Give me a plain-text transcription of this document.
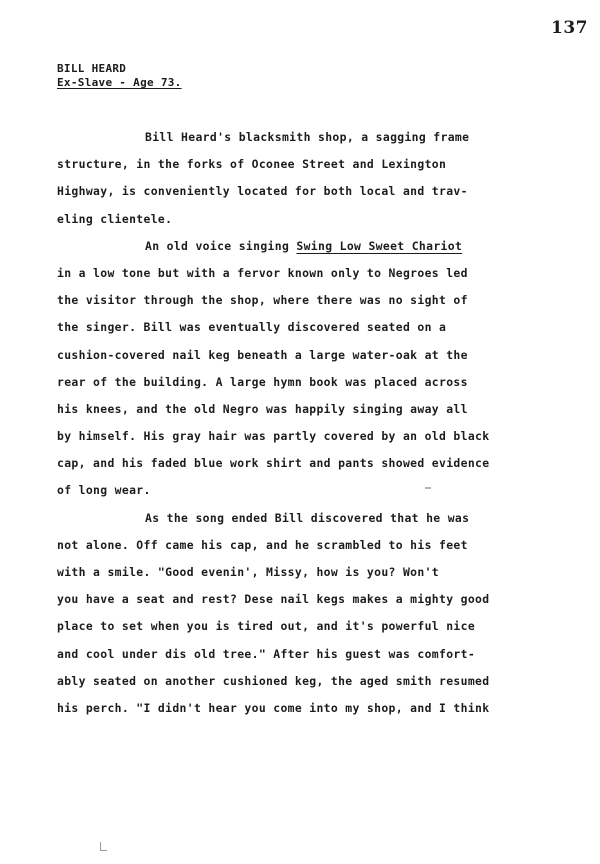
137
BILL HEARD
Ex-Slave - Age 73.
Bill Heard's blacksmith shop, a sagging frame
structure, in the forks of Oconee Street and Lexington
Highway, is conveniently located for both local and trav-
eling clientele.
An old voice singing Swing Low Sweet Chariot
in a low tone but with a fervor known only to Negroes led
the visitor through the shop, where there was no sight of
the singer. Bill was eventually discovered seated on a
cushion-covered nail keg beneath a large water-oak at the
rear of the building. A large hymn book was placed across
his knees, and the old Negro was happily singing away all
by himself. His gray hair was partly covered by an old black
cap, and his faded blue work shirt and pants showed evidence
of long wear.
As the song ended Bill discovered that he was
not alone. Off came his cap, and he scrambled to his feet
with a smile. "Good evenin', Missy, how is you? Won't
you have a seat and rest? Dese nail kegs makes a mighty good
place to set when you is tired out, and it's powerful nice
and cool under dis old tree." After his guest was comfort-
ably seated on another cushioned keg, the aged smith resumed
his perch. "I didn't hear you come into my shop, and I think
